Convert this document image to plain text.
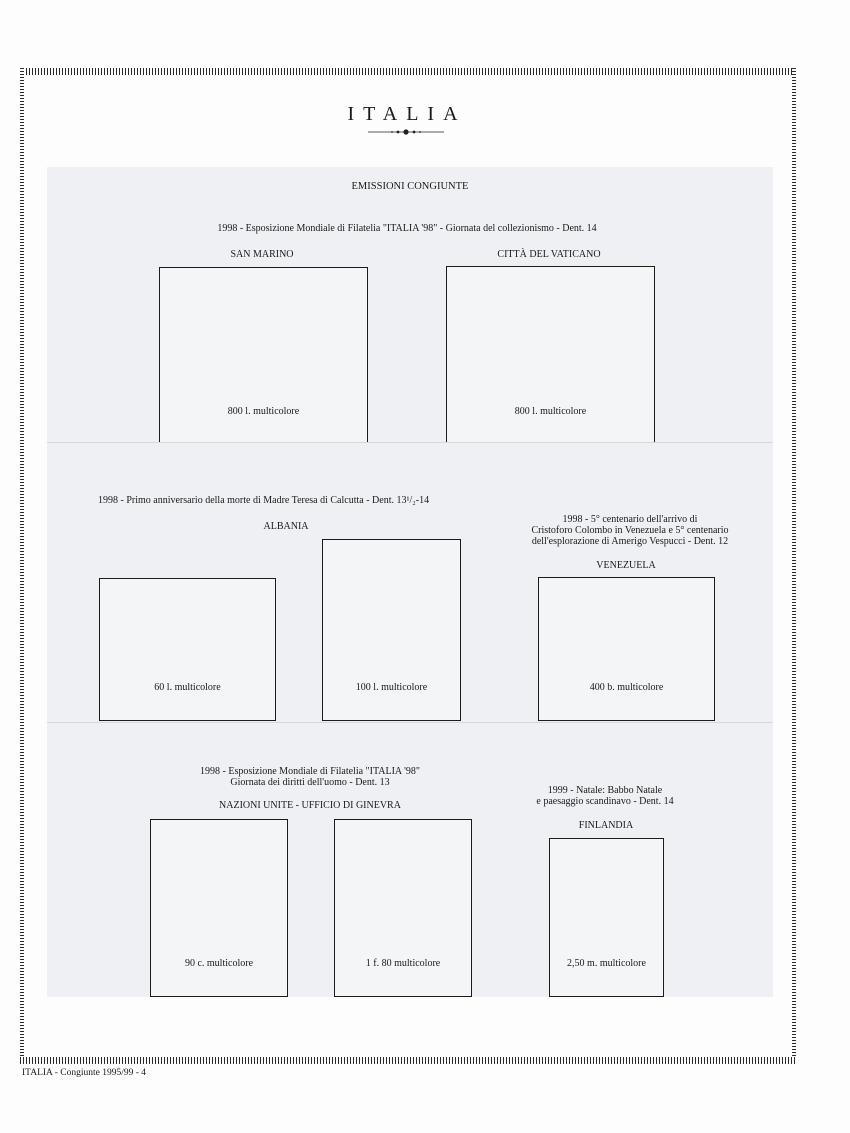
ITALIA
EMISSIONI CONGIUNTE
1998 - Esposizione Mondiale di Filatelia "ITALIA '98" - Giornata del collezionismo - Dent. 14
SAN MARINO	CITTÀ DEL VATICANO
800 l. multicolore	800 l. multicolore
1998 - Primo anniversario della morte di Madre Teresa di Calcutta - Dent. 13¹/₂-14
ALBANIA
1998 - 5° centenario dell'arrivo di
Cristoforo Colombo in Venezuela e 5° centenario
dell'esplorazione di Amerigo Vespucci - Dent. 12
VENEZUELA
60 l. multicolore	100 l. multicolore	400 b. multicolore
1998 - Esposizione Mondiale di Filatelia "ITALIA '98"
Giornata dei diritti dell'uomo - Dent. 13
NAZIONI UNITE - UFFICIO DI GINEVRA
1999 - Natale: Babbo Natale
e paesaggio scandinavo - Dent. 14
FINLANDIA
90 c. multicolore	1 f. 80 multicolore	2,50 m. multicolore
ITALIA - Congiunte 1995/99 - 4
